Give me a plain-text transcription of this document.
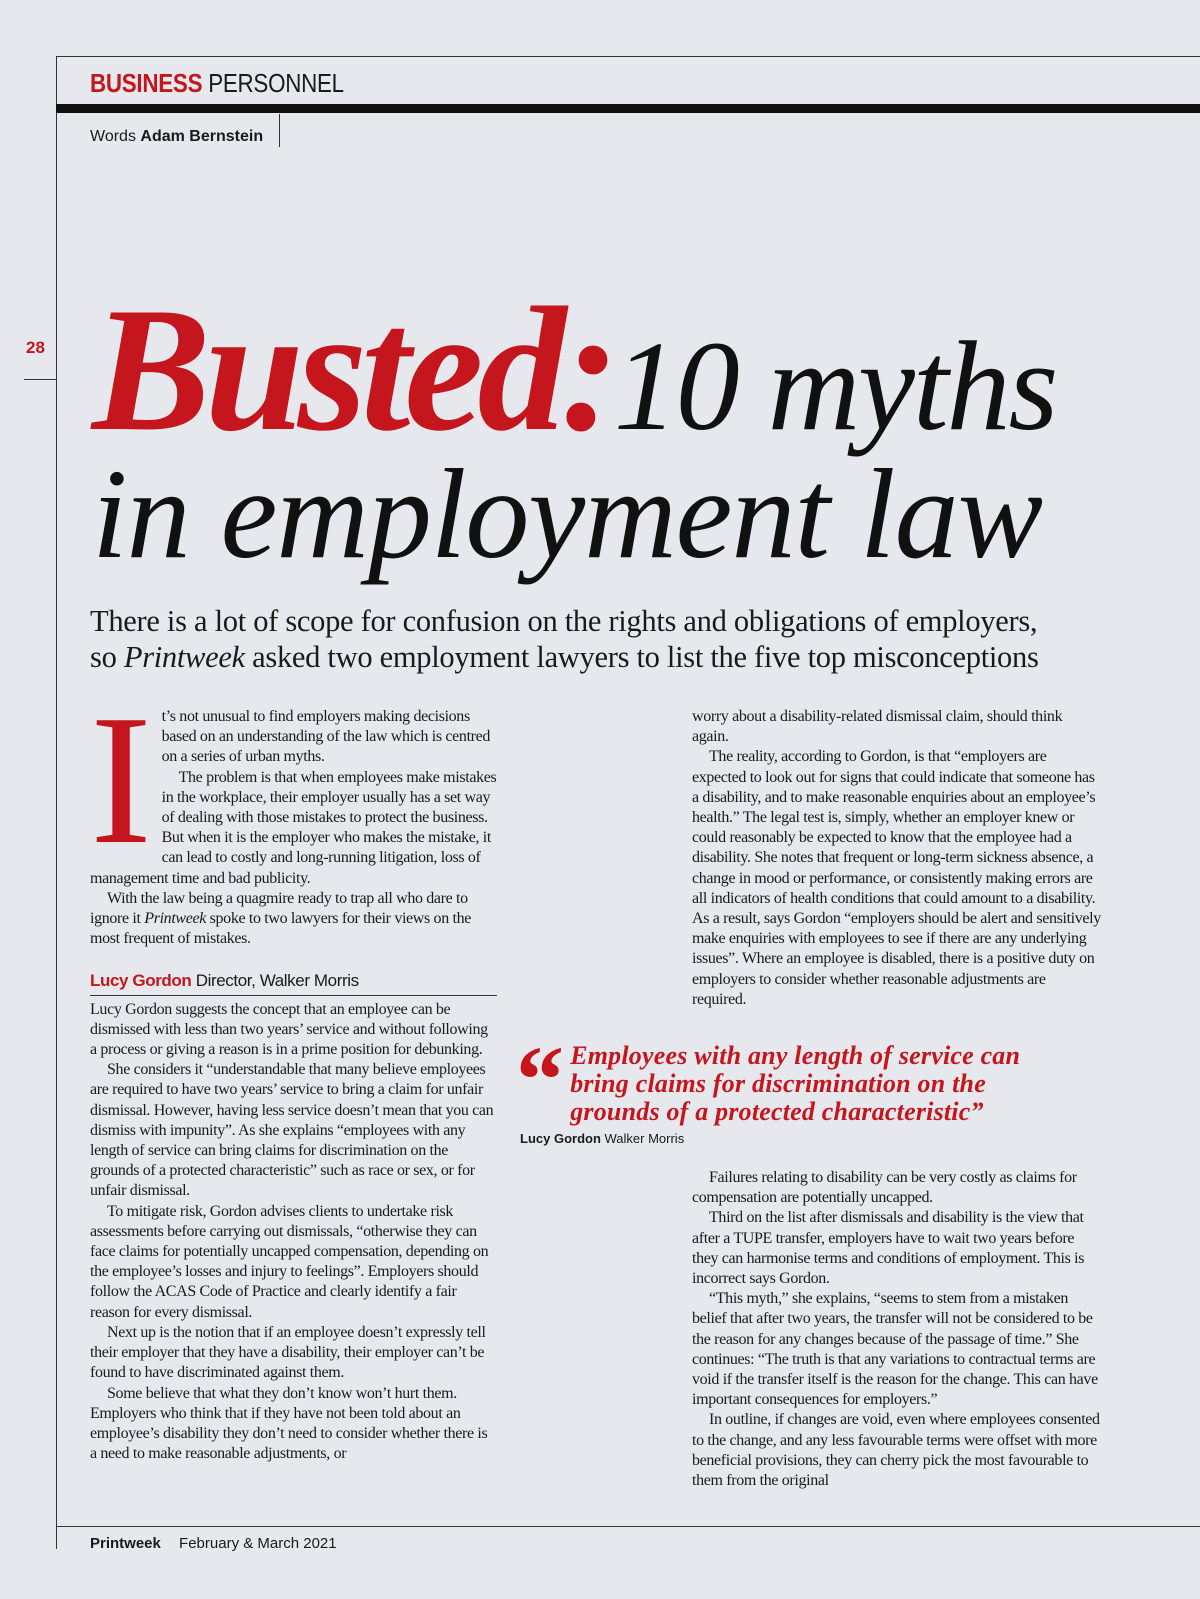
BUSINESS PERSONNEL
Words Adam Bernstein
28 Busted:10 myths
in employment law
There is a lot of scope for confusion on the rights and obligations of employers,
so Printweek asked two employment lawyers to list the five top misconceptions
I t’s not unusual to find employers making decisions based on an understanding of the law which is centred on a series of urban myths.

The problem is that when employees make mistakes in the workplace, their employer usually has a set way of dealing with those mistakes to protect the business. But when it is the employer who makes the mistake, it can lead to costly and long-running litigation, loss of management time and bad publicity.

With the law being a quagmire ready to trap all who dare to ignore it Printweek spoke to two lawyers for their views on the most frequent of mistakes.

Lucy Gordon Director, Walker Morris

Lucy Gordon suggests the concept that an employee can be dismissed with less than two years’ service and without following a process or giving a reason is in a prime position for debunking.

She considers it “understandable that many believe employees are required to have two years’ service to bring a claim for unfair dismissal. However, having less service doesn’t mean that you can dismiss with impunity”. As she explains “employees with any length of service can bring claims for discrimination on the grounds of a protected characteristic” such as race or sex, or for unfair dismissal.

To mitigate risk, Gordon advises clients to undertake risk assessments before carrying out dismissals, “otherwise they can face claims for potentially uncapped compensation, depending on the employee’s losses and injury to feelings”. Employers should follow the ACAS Code of Practice and clearly identify a fair reason for every dismissal.

Next up is the notion that if an employee doesn’t expressly tell their employer that they have a disability, their employer can’t be found to have discriminated against them.

Some believe that what they don’t know won’t hurt them. Employers who think that if they have not been told about an employee’s disability they don’t need to consider whether there is a need to make reasonable adjustments, or

worry about a disability-related dismissal claim, should think again.

The reality, according to Gordon, is that “employers are expected to look out for signs that could indicate that someone has a disability, and to make reasonable enquiries about an employee’s health.” The legal test is, simply, whether an employer knew or could reasonably be expected to know that the employee had a disability. She notes that frequent or long-term sickness absence, a change in mood or performance, or consistently making errors are all indicators of health conditions that could amount to a disability. As a result, says Gordon “employers should be alert and sensitively make enquiries with employees to see if there are any underlying issues”. Where an employee is disabled, there is a positive duty on employers to consider whether reasonable adjustments are required.

“ Employees with any length of service can bring claims for discrimination on the grounds of a protected characteristic”
Lucy Gordon Walker Morris

Failures relating to disability can be very costly as claims for compensation are potentially uncapped.

Third on the list after dismissals and disability is the view that after a TUPE transfer, employers have to wait two years before they can harmonise terms and conditions of employment. This is incorrect says Gordon.

“This myth,” she explains, “seems to stem from a mistaken belief that after two years, the transfer will not be considered to be the reason for any changes because of the passage of time.” She continues: “The truth is that any variations to contractual terms are void if the transfer itself is the reason for the change. This can have important consequences for employers.”

In outline, if changes are void, even where employees consented to the change, and any less favourable terms were offset with more beneficial provisions, they can cherry pick the most favourable to them from the original

Printweek February & March 2021
